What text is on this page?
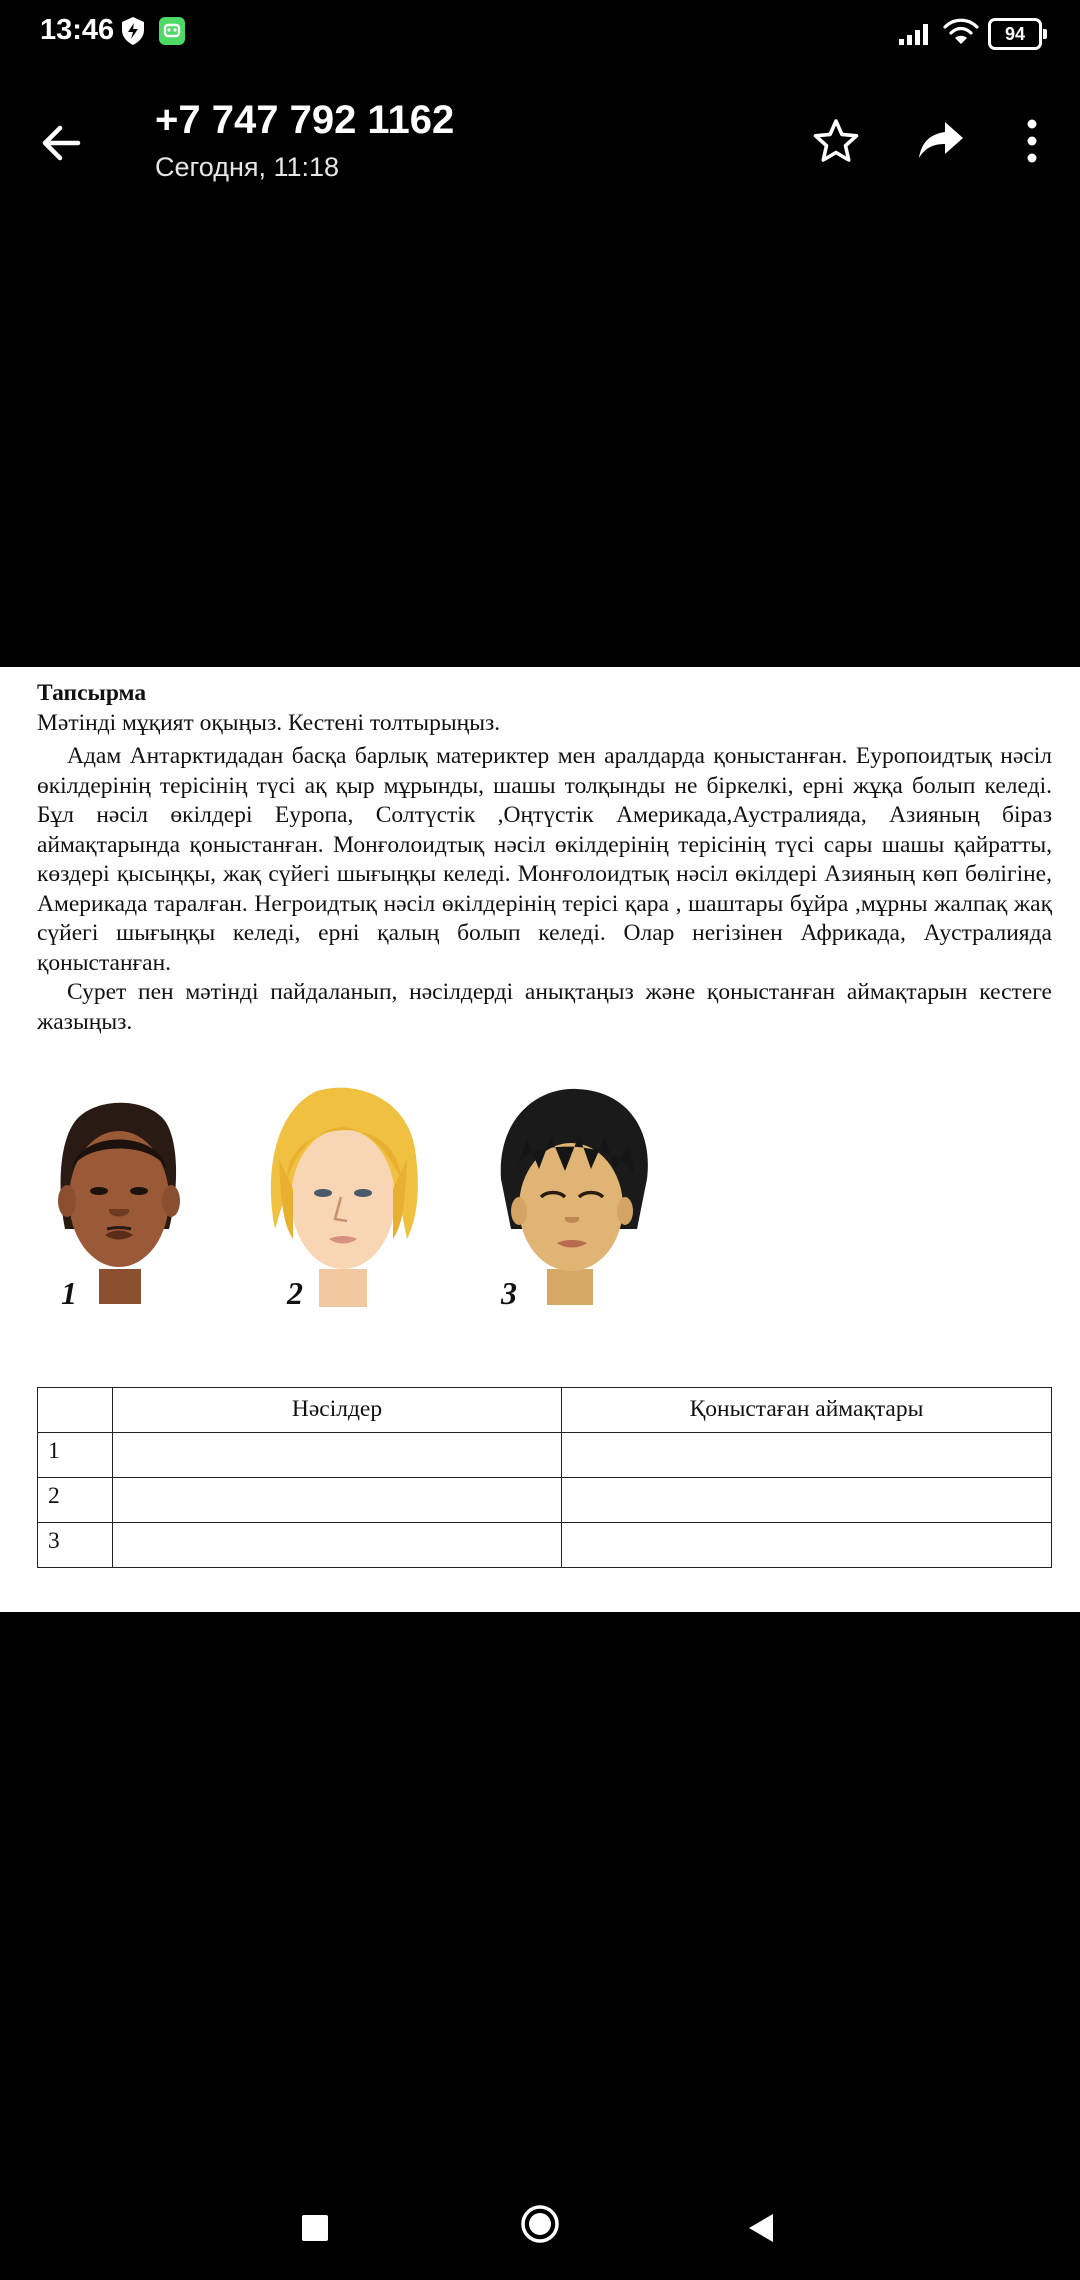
13:46	94
+7 747 792 1162
Сегодня, 11:18

Тапсырма

Мәтінді мұқият оқыңыз. Кестені толтырыңыз.

Адам Антарктидадан басқа барлық материктер мен аралдарда қоныстанған. Еуропоидтық нәсіл өкілдерінің терісінің түсі ақ қыр мұрынды, шашы толқынды не біркелкі, ерні жұқа болып келеді. Бұл нәсіл өкілдері Еуропа, Солтүстік ,Оңтүстік Америкада,Аустралияда, Азияның біраз аймақтарында қоныстанған. Монғолоидтық нәсіл өкілдерінің терісінің түсі сары шашы қайратты, көздері қысыңқы, жақ сүйегі шығыңқы келеді. Монғолоидтық нәсіл өкілдері Азияның көп бөлігіне, Америкада таралған. Негроидтық нәсіл өкілдерінің терісі қара , шаштары бұйра ,мұрны жалпақ жақ сүйегі шығыңқы келеді, ерні қалың болып келеді. Олар негізінен Африкада, Аустралияда қоныстанған.

Сурет пен мәтінді пайдаланып, нәсілдерді анықтаңыз және қоныстанған аймақтарын кестеге жазыңыз.

1	2	3
	Нәсілдер	Қоныстаған аймақтары
1		
2		
3		
